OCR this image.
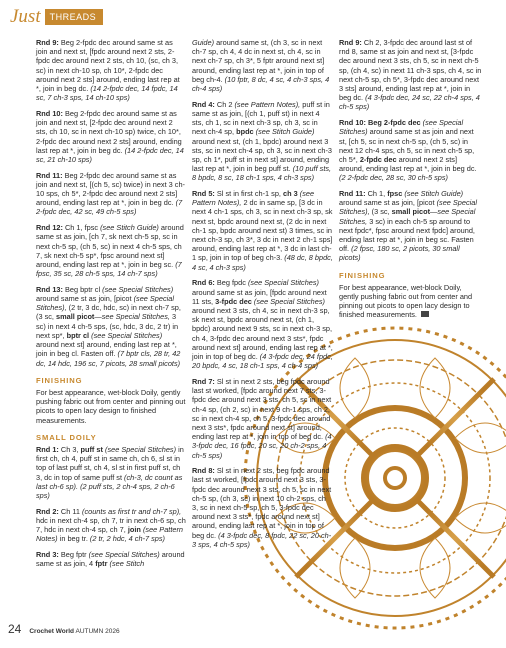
Just	THREADS

Rnd 9: Beg 2-fpdc dec around same st as join and next st, [fpdc around next 2 sts, 2-fpdc dec around next 2 sts, ch 10, (sc, ch 3, sc) in next ch-10 sp, ch 10*, 2-fpdc dec around next 2 sts] around, ending last rep at *, join in beg dc. (14 2-fpdc dec, 14 fpdc, 14 sc, 7 ch-3 sps, 14 ch-10 sps)

Rnd 10: Beg 2-fpdc dec around same st as join and next st, [2-fpdc dec around next 2 sts, ch 10, sc in next ch-10 sp) twice, ch 10*, 2-fpdc dec around next 2 sts] around, ending last rep at *, join in beg dc. (14 2-fpdc dec, 14 sc, 21 ch-10 sps)

Rnd 11: Beg 2-fpdc dec around same st as join and next st, [(ch 5, sc) twice) in next 3 ch-10 sps, ch 5*, 2-fpdc dec around next 2 sts] around, ending last rep at *, join in beg dc. (7 2-fpdc dec, 42 sc, 49 ch-5 sps)

Rnd 12: Ch 1, fpsc (see Stitch Guide) around same st as join, [ch 7, sk next ch-5 sp, sc in next ch-5 sp, (ch 5, sc) in next 4 ch-5 sps, ch 7, sk next ch-5 sp*, fpsc around next st] around, ending last rep at *, join in beg sc. (7 fpsc, 35 sc, 28 ch-5 sps, 14 ch-7 sps)

Rnd 13: Beg bptr cl (see Special Stitches) around same st as join, [picot (see Special Stitches), (2 tr, 3 dc, hdc, sc) in next ch-7 sp, (3 sc, small picot—see Special Stitches, 3 sc) in next 4 ch-5 sps, (sc, hdc, 3 dc, 2 tr) in next sp*, bptr cl (see Special Stitches) around next st] around, ending last rep at *, join in beg cl. Fasten off. (7 bptr cls, 28 tr, 42 dc, 14 hdc, 196 sc, 7 picots, 28 small picots)

FINISHING

For best appearance, wet-block Doily, gently pushing fabric out from center and pinning out picots to open lacy design to finished measurements.

SMALL DOILY

Rnd 1: Ch 3, puff st (see Special Stitches) in first ch, ch 4, puff st in same ch, ch 6, sl st in top of last puff st, ch 4, sl st in first puff st, ch 3, dc in top of same puff st (ch-3, dc count as last ch-6 sp). (2 puff sts, 2 ch-4 sps, 2 ch-6 sps)

Rnd 2: Ch 11 (counts as first tr and ch-7 sp), hdc in next ch-4 sp, ch 7, tr in next ch-6 sp, ch 7, hdc in next ch-4 sp, ch 7, join (see Pattern Notes) in beg tr. (2 tr, 2 hdc, 4 ch-7 sps)

Rnd 3: Beg fptr (see Special Stitches) around same st as join, 4 fptr (see Stitch

Guide) around same st, (ch 3, sc in next ch-7 sp, ch 4, 4 dc in next st, ch 4, sc in next ch-7 sp, ch 3*, 5 fptr around next st] around, ending last rep at *, join in top of beg ch-4. (10 fptr, 8 dc, 4 sc, 4 ch-3 sps, 4 ch-4 sps)

Rnd 4: Ch 2 (see Pattern Notes), puff st in same st as join, [(ch 1, puff st) in next 4 sts, ch 1, sc in next ch-3 sp, ch 3, sc in next ch-4 sp, bpdc (see Stitch Guide) around next st, (ch 1, bpdc) around next 3 sts, sc in next ch-4 sp, ch 3, sc in next ch-3 sp, ch 1*, puff st in next st] around, ending last rep at *, join in beg puff st. (10 puff sts, 8 bpdc, 8 sc, 18 ch-1 sps, 4 ch-3 sps)

Rnd 5: Sl st in first ch-1 sp, ch 3 (see Pattern Notes), 2 dc in same sp, [3 dc in next 4 ch-1 sps, ch 3, sc in next ch-3 sp, sk next st, bpdc around next st, (2 dc in next ch-1 sp, bpdc around next st) 3 times, sc in next ch-3 sp, ch 3*, 3 dc in next 2 ch-1 sps] around, ending last rep at *, 3 dc in last ch-1 sp, join in top of beg ch-3. (48 dc, 8 bpdc, 4 sc, 4 ch-3 sps)

Rnd 6: Beg fpdc (see Special Stitches) around same st as join, [fpdc around next 11 sts, 3-fpdc dec (see Special Stitches) around next 3 sts, ch 4, sc in next ch-3 sp, sk next st, bpdc around next st, (ch 1, bpdc) around next 9 sts, sc in next ch-3 sp, ch 4, 3-fpdc dec around next 3 sts*, fpdc around next st] around, ending last rep at *, join in top of beg dc. (4 3-fpdc dec, 24 fpdc, 20 bpdc, 4 sc, 18 ch-1 sps, 4 ch-4 sps)

Rnd 7: Sl st in next 2 sts, beg fpdc around last st worked, [fpdc around next 7 sts, 3-fpdc dec around next 3 sts, ch 5, sc in next ch-4 sp, (ch 2, sc) in next 9 ch-1 sps, ch 2, sc in next ch-4 sp, ch 5, 3-fpdc dec around next 3 sts*, fpdc around next st] around, ending last rep at *, join in top of beg dc. (4 3-fpdc dec, 16 fpdc, 20 sc, 20 ch-2 sps, 4 ch-5 sps)

Rnd 8: Sl st in next 2 sts, beg fpdc around last st worked, [fpdc around next 3 sts, 3-fpdc dec around next 3 sts, ch 5, sc in next ch-5 sp, (ch 3, sc) in next 10 ch-2 sps, ch 3, sc in next ch-5 sp, ch 5, 3-fpdc dec around next 3 sts*, fpdc around next st] around, ending last rep at *, join in top of beg dc. (4 3-fpdc dec, 8 fpdc, 22 sc, 20 ch-3 sps, 4 ch-5 sps)

Rnd 9: Ch 2, 3-fpdc dec around last st of rnd 8, same st as join and next st, [3-fpdc dec around next 3 sts, ch 5, sc in next ch-5 sp, (ch 4, sc) in next 11 ch-3 sps, ch 4, sc in next ch-5 sp, ch 5*, 3-fpdc dec around next 3 sts] around, ending last rep at *, join in beg dc. (4 3-fpdc dec, 24 sc, 22 ch-4 sps, 4 ch-5 sps)

Rnd 10: Beg 2-fpdc dec (see Special Stitches) around same st as join and next st, [ch 5, sc in next ch-5 sp, (ch 5, sc) in next 12 ch-4 sps, ch 5, sc in next ch-5 sp, ch 5*, 2-fpdc dec around next 2 sts] around, ending last rep at *, join in beg dc. (2 2-fpdc dec, 28 sc, 30 ch-5 sps)

Rnd 11: Ch 1, fpsc (see Stitch Guide) around same st as join, [picot (see Special Stitches), (3 sc, small picot—see Special Stitches, 3 sc) in each ch-5 sp around to next fpdc*, fpsc around next fpdc] around, ending last rep at *, join in beg sc. Fasten off. (2 fpsc, 180 sc, 2 picots, 30 small picots)

FINISHING

For best appearance, wet-block Doily, gently pushing fabric out from center and pinning out picots to open lacy design to finished measurements.

24 Crochet World AUTUMN 2026
